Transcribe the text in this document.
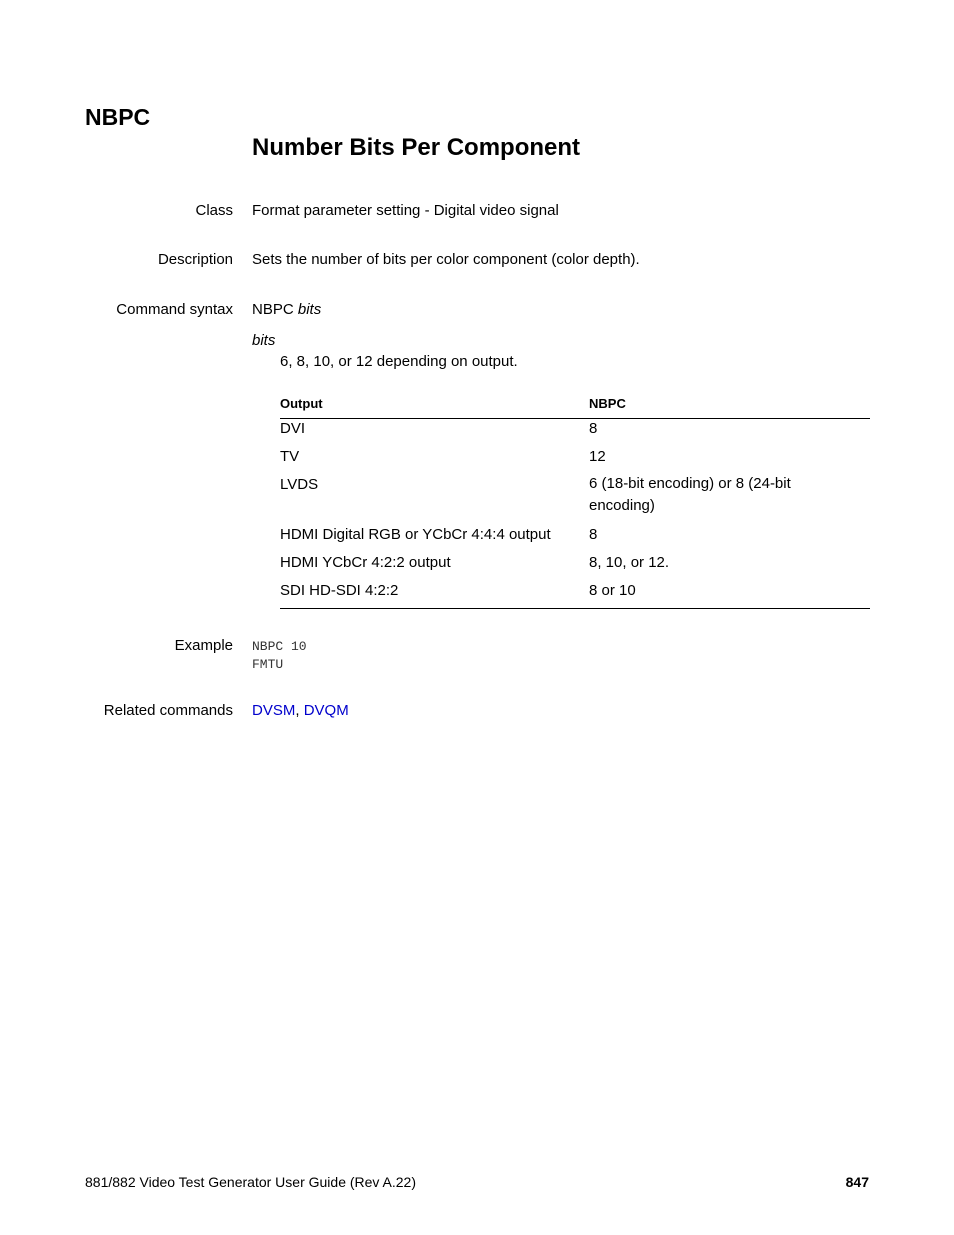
NBPC
Number Bits Per Component
Class Format parameter setting - Digital video signal
Description Sets the number of bits per color component (color depth).
Command syntax NBPC bits
bits
6, 8, 10, or 12 depending on output.
Output	NBPC
DVI	8
TV	12
LVDS	6 (18-bit encoding) or 8 (24-bit encoding)
HDMI Digital RGB or YCbCr 4:4:4 output	8
HDMI YCbCr 4:2:2 output	8, 10, or 12.
SDI HD-SDI 4:2:2	8 or 10
Example NBPC 10
FMTU
Related commands DVSM, DVQM
881/882 Video Test Generator User Guide (Rev A.22)	847
